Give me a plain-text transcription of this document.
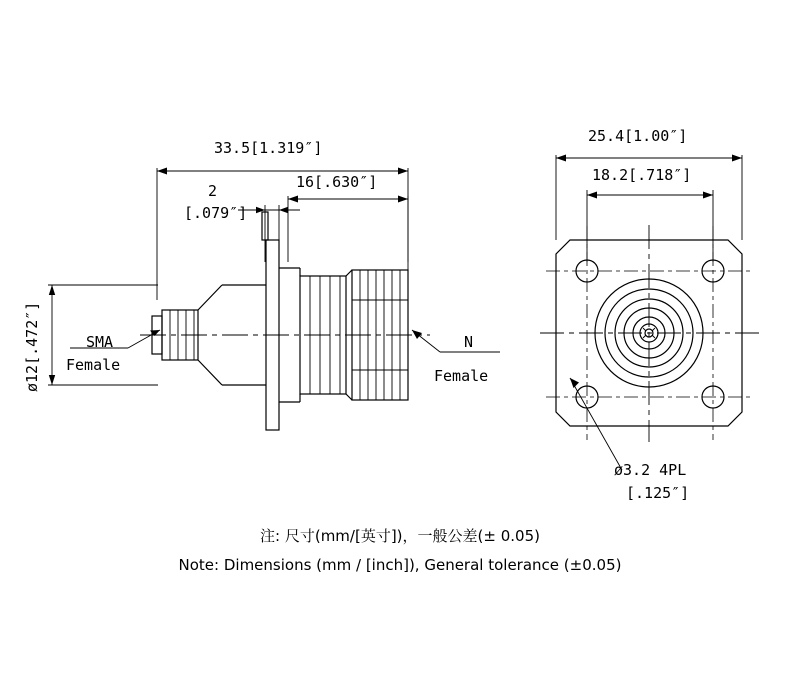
33.5[1.319″]
2
[.079″]
16[.630″]
ø12[.472″]	SMA
Female
N
Female
25.4[1.00″]
18.2[.718″]
ø3.2 4PL
[.125″]
注: 尺寸(mm/[英寸])，一般公差(± 0.05)
Note: Dimensions (mm / [inch]), General tolerance (±0.05)
